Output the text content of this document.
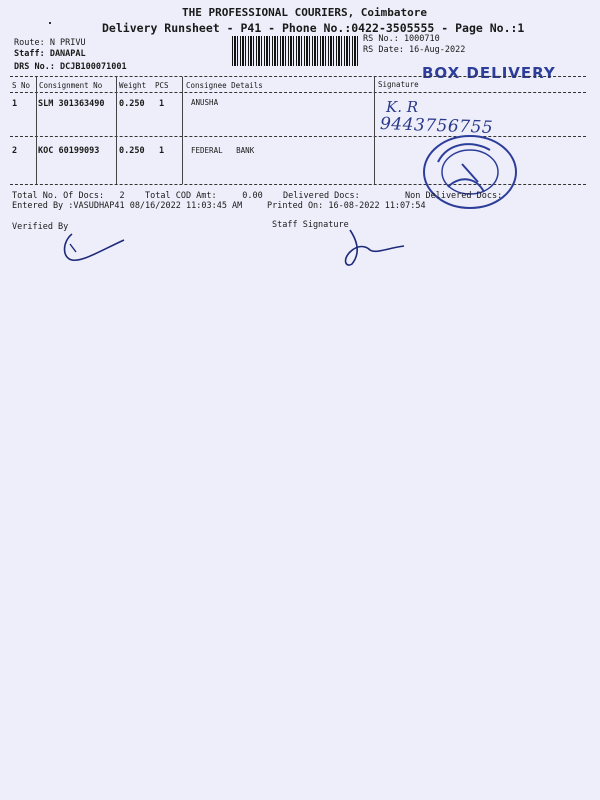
THE PROFESSIONAL COURIERS, Coimbatore
Delivery Runsheet - P41 - Phone No.:0422-3505555 - Page No.:1
Route: N PRIVU
Staff: DANAPAL
DRS No.: DCJB100071001
RS No.: 1000710
RS Date: 16-Aug-2022
BOX DELIVERY
S No Consignment No Weight PCS Consignee Details	Signature
1 SLM 301363490 0.250 1	ANUSHA	K. R
9443756755
2 KOC 60199093 0.250 1	FEDERAL   BANK
Total No. Of Docs:   2 Total COD Amt:     0.00 Delivered Docs:	Non Delivered Docs:
Entered By :VASUDHAP41 08/16/2022 11:03:45 AM	Printed On: 16-08-2022 11:07:54
Verified By	Staff Signature
